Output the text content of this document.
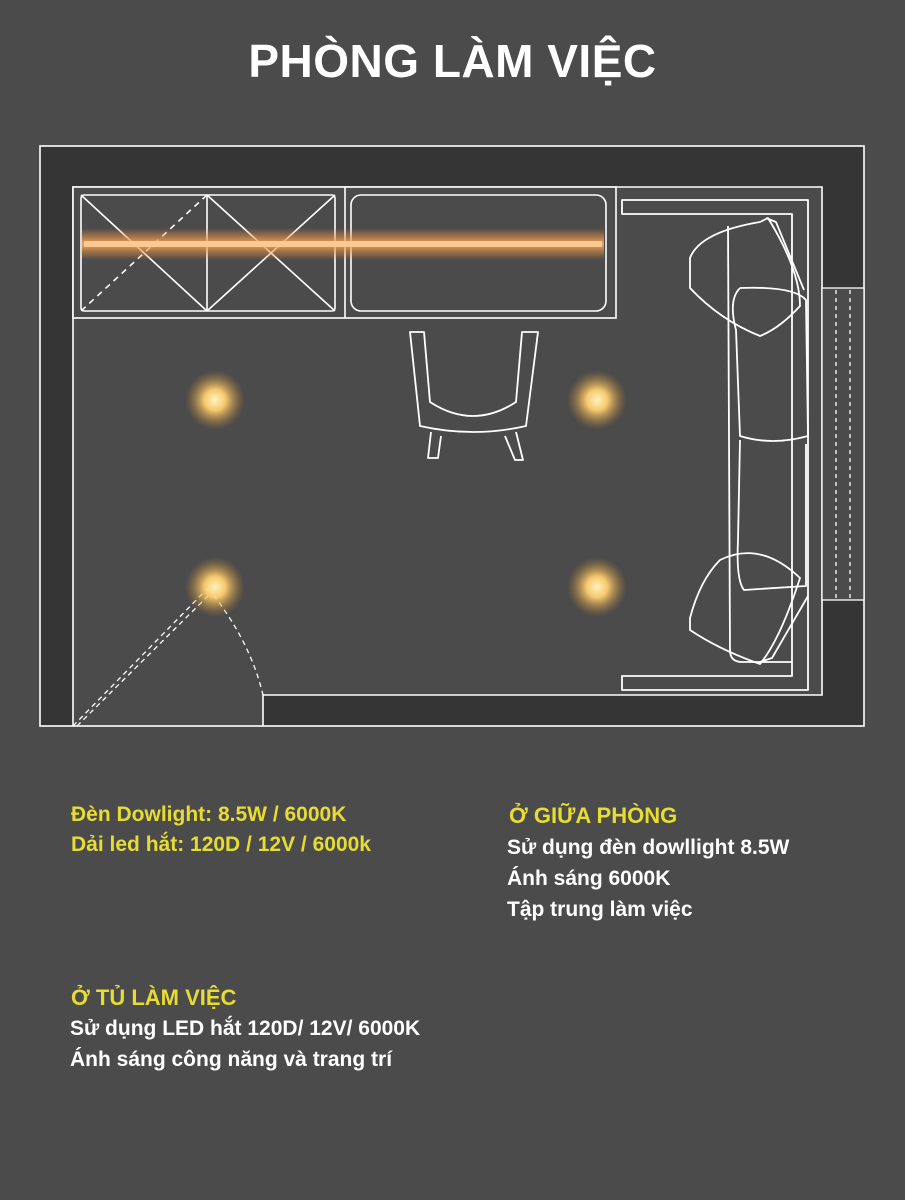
PHÒNG LÀM VIỆC
Đèn Dowlight: 8.5W / 6000K
Dải led hắt: 120D / 12V / 6000k
Ở GIỮA PHÒNG
Sử dụng đèn dowllight 8.5W
Ánh sáng 6000K
Tập trung làm việc
Ở TỦ LÀM VIỆC
Sử dụng LED hắt 120D/ 12V/ 6000K
Ánh sáng công năng và trang trí
